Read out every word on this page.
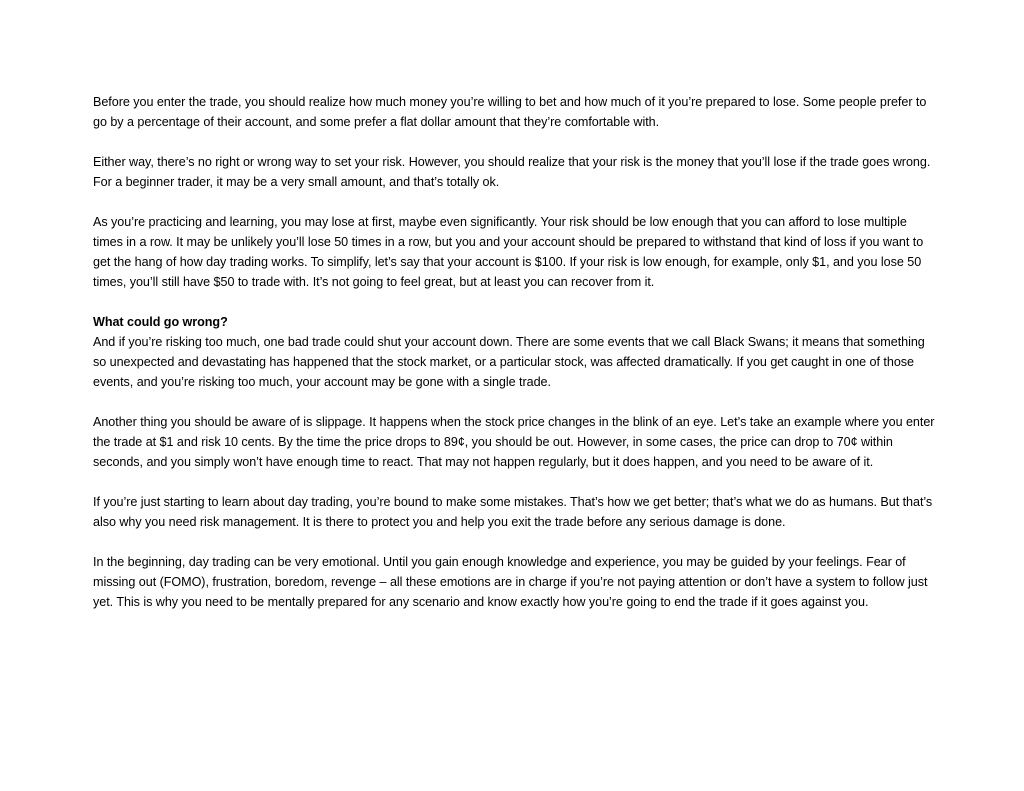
Before you enter the trade, you should realize how much money you’re willing to bet and how much of it you’re prepared to lose. Some people prefer to go by a percentage of their account, and some prefer a flat dollar amount that they’re comfortable with.

Either way, there’s no right or wrong way to set your risk. However, you should realize that your risk is the money that you’ll lose if the trade goes wrong. For a beginner trader, it may be a very small amount, and that’s totally ok.

As you’re practicing and learning, you may lose at first, maybe even significantly. Your risk should be low enough that you can afford to lose multiple times in a row. It may be unlikely you’ll lose 50 times in a row, but you and your account should be prepared to withstand that kind of loss if you want to get the hang of how day trading works. To simplify, let’s say that your account is $100. If your risk is low enough, for example, only $1, and you lose 50 times, you’ll still have $50 to trade with. It’s not going to feel great, but at least you can recover from it.

What could go wrong?

And if you’re risking too much, one bad trade could shut your account down. There are some events that we call Black Swans; it means that something so unexpected and devastating has happened that the stock market, or a particular stock, was affected dramatically. If you get caught in one of those events, and you’re risking too much, your account may be gone with a single trade.

Another thing you should be aware of is slippage. It happens when the stock price changes in the blink of an eye. Let’s take an example where you enter the trade at $1 and risk 10 cents. By the time the price drops to 89¢, you should be out. However, in some cases, the price can drop to 70¢ within seconds, and you simply won’t have enough time to react. That may not happen regularly, but it does happen, and you need to be aware of it.

If you’re just starting to learn about day trading, you’re bound to make some mistakes. That’s how we get better; that’s what we do as humans. But that’s also why you need risk management. It is there to protect you and help you exit the trade before any serious damage is done.

In the beginning, day trading can be very emotional. Until you gain enough knowledge and experience, you may be guided by your feelings. Fear of missing out (FOMO), frustration, boredom, revenge – all these emotions are in charge if you’re not paying attention or don’t have a system to follow just yet. This is why you need to be mentally prepared for any scenario and know exactly how you’re going to end the trade if it goes against you.
